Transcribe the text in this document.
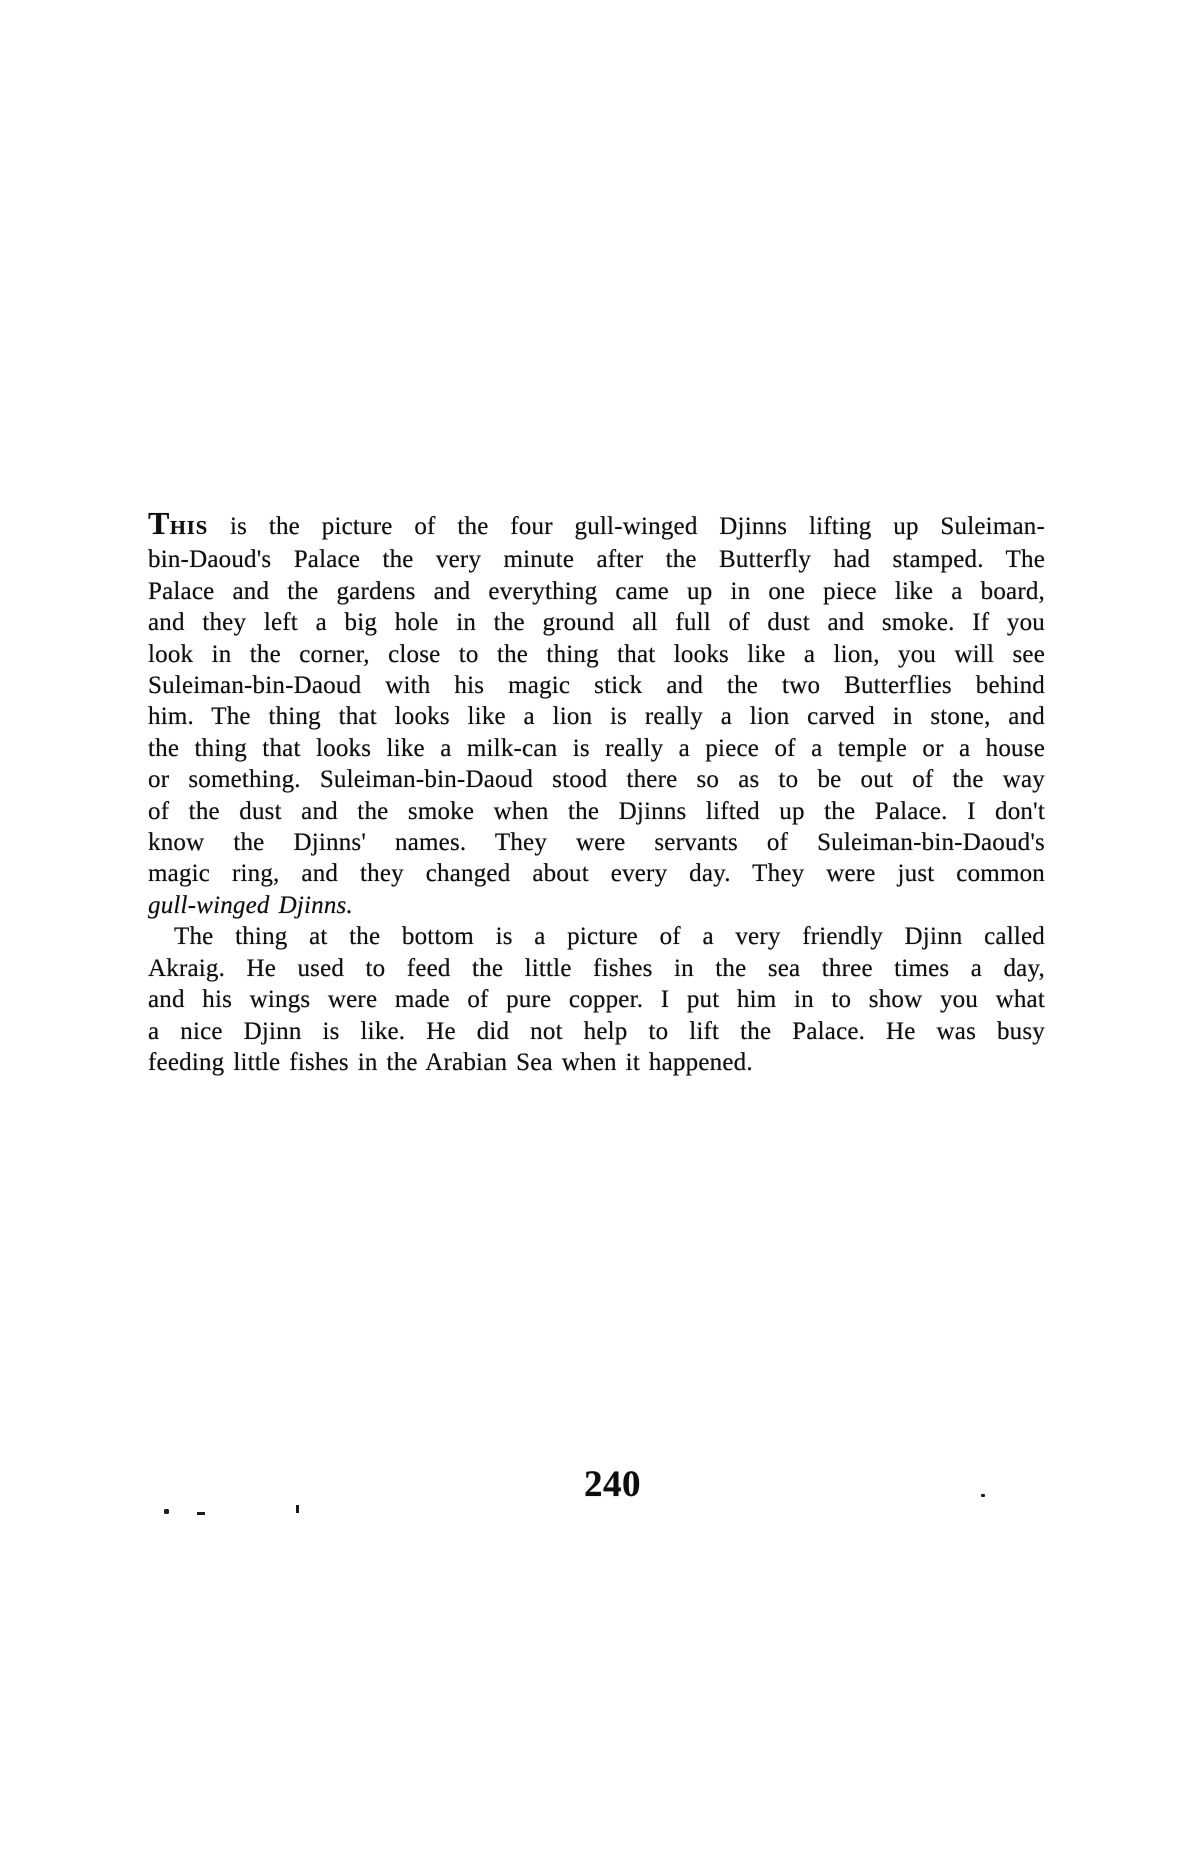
THIS is the picture of the four gull-winged Djinns lifting up Suleiman-
bin-Daoud's Palace the very minute after the Butterfly had stamped. The
Palace and the gardens and everything came up in one piece like a board,
and they left a big hole in the ground all full of dust and smoke. If you
look in the corner, close to the thing that looks like a lion, you will see
Suleiman-bin-Daoud with his magic stick and the two Butterflies behind
him. The thing that looks like a lion is really a lion carved in stone, and
the thing that looks like a milk-can is really a piece of a temple or a house
or something. Suleiman-bin-Daoud stood there so as to be out of the way
of the dust and the smoke when the Djinns lifted up the Palace. I don't
know the Djinns' names. They were servants of Suleiman-bin-Daoud's
magic ring, and they changed about every day. They were just common
gull-winged Djinns.
The thing at the bottom is a picture of a very friendly Djinn called
Akraig. He used to feed the little fishes in the sea three times a day,
and his wings were made of pure copper. I put him in to show you what
a nice Djinn is like. He did not help to lift the Palace. He was busy
feeding little fishes in the Arabian Sea when it happened.
240
